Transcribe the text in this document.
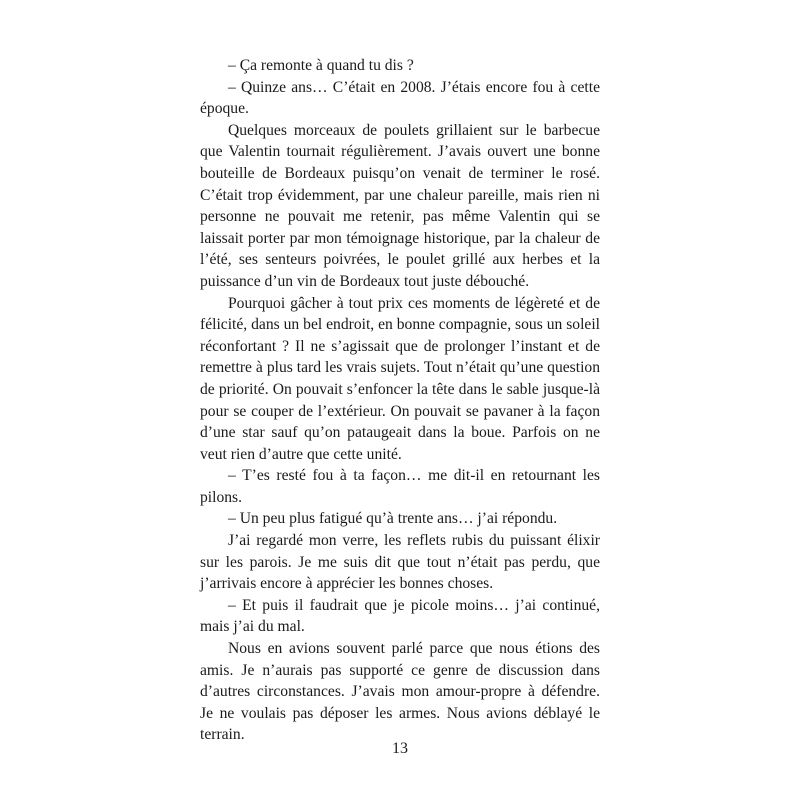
– Ça remonte à quand tu dis ?

– Quinze ans… C’était en 2008. J’étais encore fou à cette époque.

Quelques morceaux de poulets grillaient sur le barbecue que Valentin tournait régulièrement. J’avais ouvert une bonne bouteille de Bordeaux puisqu’on venait de terminer le rosé. C’était trop évidemment, par une chaleur pareille, mais rien ni personne ne pouvait me retenir, pas même Valentin qui se laissait porter par mon témoignage historique, par la chaleur de l’été, ses senteurs poivrées, le poulet grillé aux herbes et la puissance d’un vin de Bordeaux tout juste débouché.

Pourquoi gâcher à tout prix ces moments de légèreté et de félicité, dans un bel endroit, en bonne compagnie, sous un soleil réconfortant ? Il ne s’agissait que de prolonger l’instant et de remettre à plus tard les vrais sujets. Tout n’était qu’une question de priorité. On pouvait s’enfoncer la tête dans le sable jusque-là pour se couper de l’extérieur. On pouvait se pavaner à la façon d’une star sauf qu’on pataugeait dans la boue. Parfois on ne veut rien d’autre que cette unité.

– T’es resté fou à ta façon… me dit-il en retournant les pilons.

– Un peu plus fatigué qu’à trente ans… j’ai répondu.

J’ai regardé mon verre, les reflets rubis du puissant élixir sur les parois. Je me suis dit que tout n’était pas perdu, que j’arrivais encore à apprécier les bonnes choses.

– Et puis il faudrait que je picole moins… j’ai continué, mais j’ai du mal.

Nous en avions souvent parlé parce que nous étions des amis. Je n’aurais pas supporté ce genre de discussion dans d’autres circonstances. J’avais mon amour-propre à défendre. Je ne voulais pas déposer les armes. Nous avions déblayé le terrain.

13
